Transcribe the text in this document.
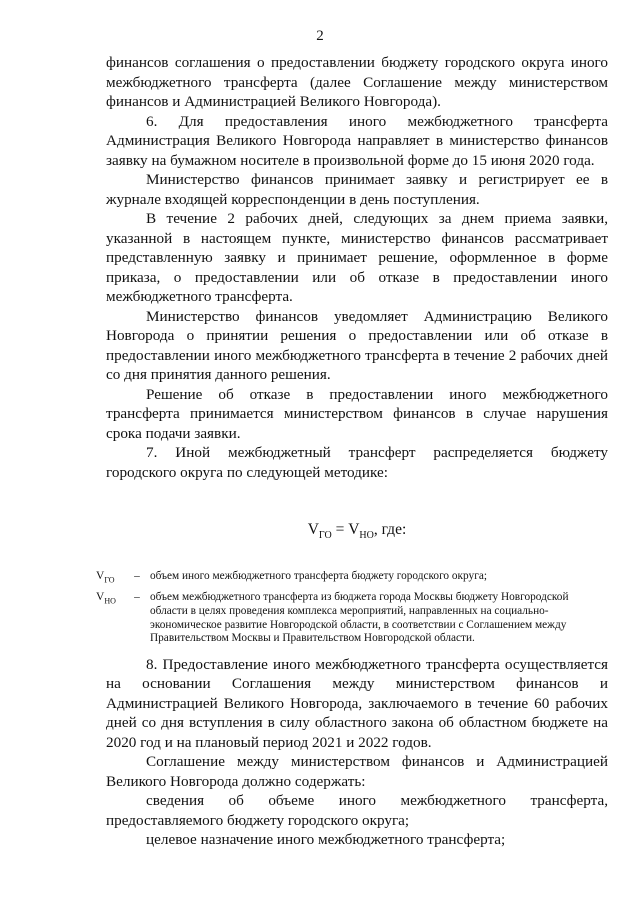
2

финансов соглашения о предоставлении бюджету городского округа иного межбюджетного трансферта (далее Соглашение между министерством финансов и Администрацией Великого Новгорода).

6. Для предоставления иного межбюджетного трансферта Администрация Великого Новгорода направляет в министерство финансов заявку на бумажном носителе в произвольной форме до 15 июня 2020 года.

Министерство финансов принимает заявку и регистрирует ее в журнале входящей корреспонденции в день поступления.

В течение 2 рабочих дней, следующих за днем приема заявки, указанной в настоящем пункте, министерство финансов рассматривает представленную заявку и принимает решение, оформленное в форме приказа, о предоставлении или об отказе в предоставлении иного межбюджетного трансферта.

Министерство финансов уведомляет Администрацию Великого Новгорода о принятии решения о предоставлении или об отказе в предоставлении иного межбюджетного трансферта в течение 2 рабочих дней со дня принятия данного решения.

Решение об отказе в предоставлении иного межбюджетного трансферта принимается министерством финансов в случае нарушения срока подачи заявки.

7. Иной межбюджетный трансферт распределяется бюджету городского округа по следующей методике:

$V_{ГО} = V_{НО}$, где:

$V_{ГО}$	– объем иного межбюджетного трансферта бюджету городского округа;
$V_{НО}$	– объем межбюджетного трансферта из бюджета города Москвы бюджету Новгородской области в целях проведения комплекса мероприятий, направленных на социально-экономическое развитие Новгородской области, в соответствии с Соглашением между Правительством Москвы и Правительством Новгородской области.

8. Предоставление иного межбюджетного трансферта осуществляется на основании Соглашения между министерством финансов и Администрацией Великого Новгорода, заключаемого в течение 60 рабочих дней со дня вступления в силу областного закона об областном бюджете на 2020 год и на плановый период 2021 и 2022 годов.

Соглашение между министерством финансов и Администрацией Великого Новгорода должно содержать:

сведения об объеме иного межбюджетного трансферта, предоставляемого бюджету городского округа;

целевое назначение иного межбюджетного трансферта;
